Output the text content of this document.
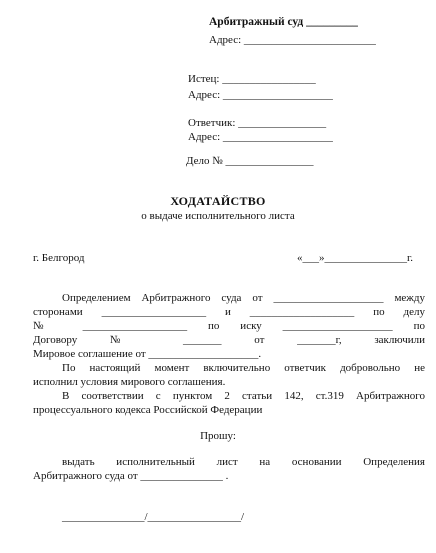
Арбитражный суд _________
Адрес: ________________________
Истец: _________________
Адрес: ____________________
Ответчик: ________________
Адрес: ____________________
Дело № ________________
ХОДАТАЙСТВО
о выдаче исполнительного листа
г. Белгород	«___»_______________г.
Определением Арбитражного суда от ____________________ между
сторонами ___________________ и ___________________ по делу
№ ___________________ по иску ____________________ по
Договору № _______ от _______г, заключили
Мировое соглашение от ____________________.
По настоящий момент включительно ответчик добровольно не
исполнил условия мирового соглашения.
В соответствии с пунктом 2 статьи 142, ст.319 Арбитражного
процессуального кодекса Российской Федерации
Прошу:
выдать исполнительный лист на основании Определения
Арбитражного суда от _______________ .
_______________/_________________/
